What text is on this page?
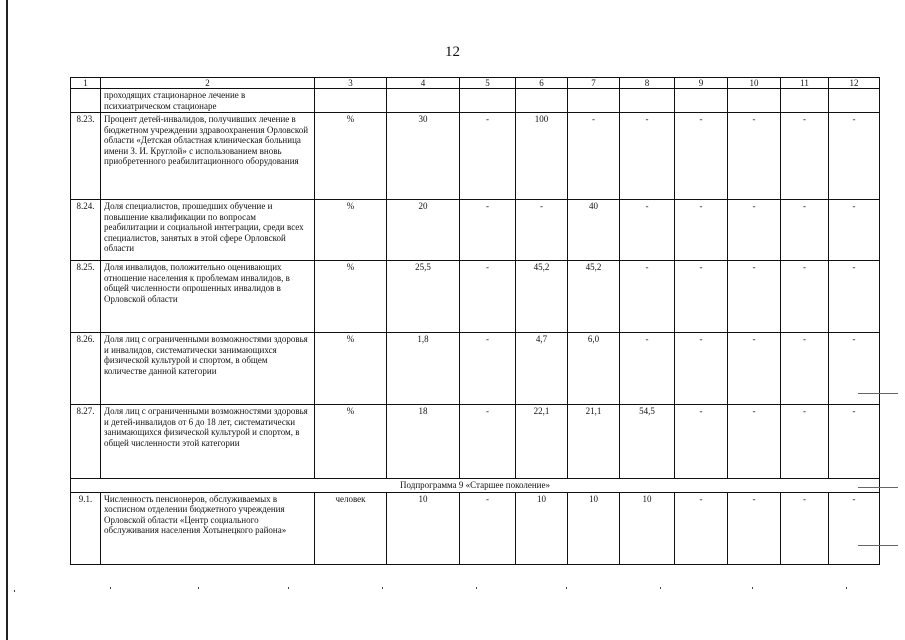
12
1	2	3	4	5	6	7	8	9	10	11	12
	проходящих стационарное лечение в психиатрическом стационаре										
8.23.	Процент детей-инвалидов, получивших лечение в бюджетном учреждении здравоохранения Орловской области «Детская областная клиническая больница имени З. И. Круглой» с использованием вновь приобретенного реабилитационного оборудования	%	30	-	100	-	-	-	-	-	-
8.24.	Доля специалистов, прошедших обучение и повышение квалификации по вопросам реабилитации и социальной интеграции, среди всех специалистов, занятых в этой сфере Орловской области	%	20	-	-	40	-	-	-	-	-
8.25.	Доля инвалидов, положительно оценивающих отношение населения к проблемам инвалидов, в общей численности опрошенных инвалидов в Орловской области	%	25,5	-	45,2	45,2	-	-	-	-	-
8.26.	Доля лиц с ограниченными возможностями здоровья и инвалидов, систематически занимающихся физической культурой и спортом, в общем количестве данной категории	%	1,8	-	4,7	6,0	-	-	-	-	-
8.27.	Доля лиц с ограниченными возможностями здоровья и детей-инвалидов от 6 до 18 лет, систематически занимающихся физической культурой и спортом, в общей численности этой категории	%	18	-	22,1	21,1	54,5	-	-	-	-
Подпрограмма 9 «Старшее поколение»											
9.1.	Численность пенсионеров, обслуживаемых в хосписном отделении бюджетного учреждения Орловской области «Центр социального обслуживания населения Хотынецкого района»	человек	10	-	10	10	10	-	-	-	-
